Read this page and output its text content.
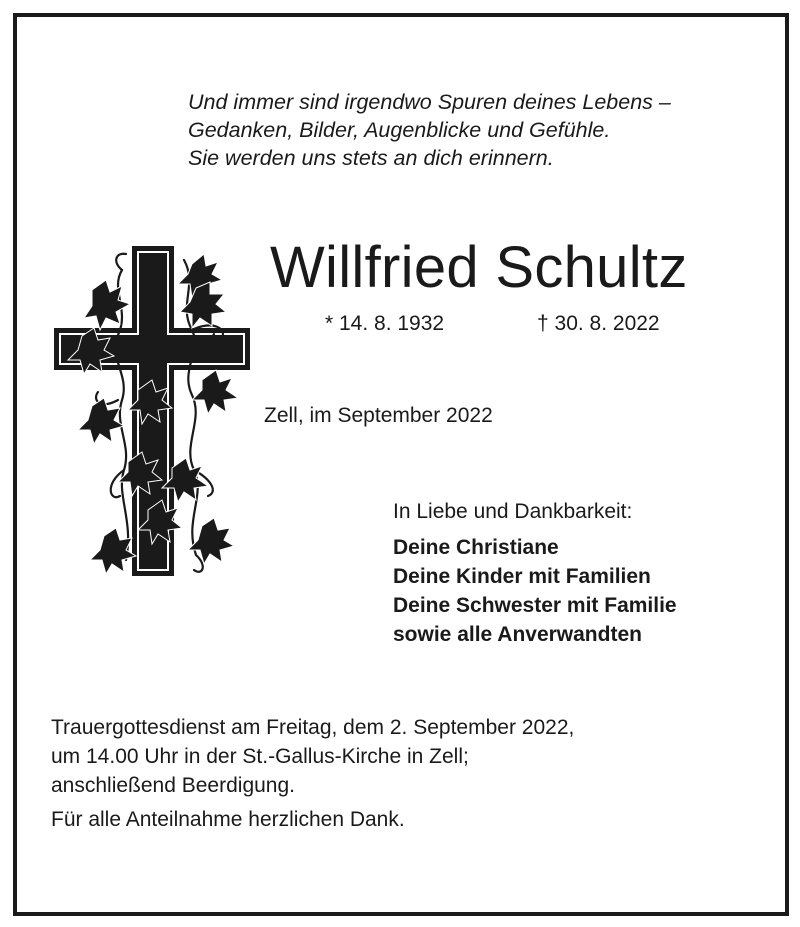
Und immer sind irgendwo Spuren deines Lebens –
Gedanken, Bilder, Augenblicke und Gefühle.
Sie werden uns stets an dich erinnern.
Willfried Schultz
* 14. 8. 1932	† 30. 8. 2022
Zell, im September 2022
In Liebe und Dankbarkeit:
Deine Christiane
Deine Kinder mit Familien
Deine Schwester mit Familie
sowie alle Anverwandten
Trauergottesdienst am Freitag, dem 2. September 2022,
um 14.00 Uhr in der St.-Gallus-Kirche in Zell;
anschließend Beerdigung.
Für alle Anteilnahme herzlichen Dank.
